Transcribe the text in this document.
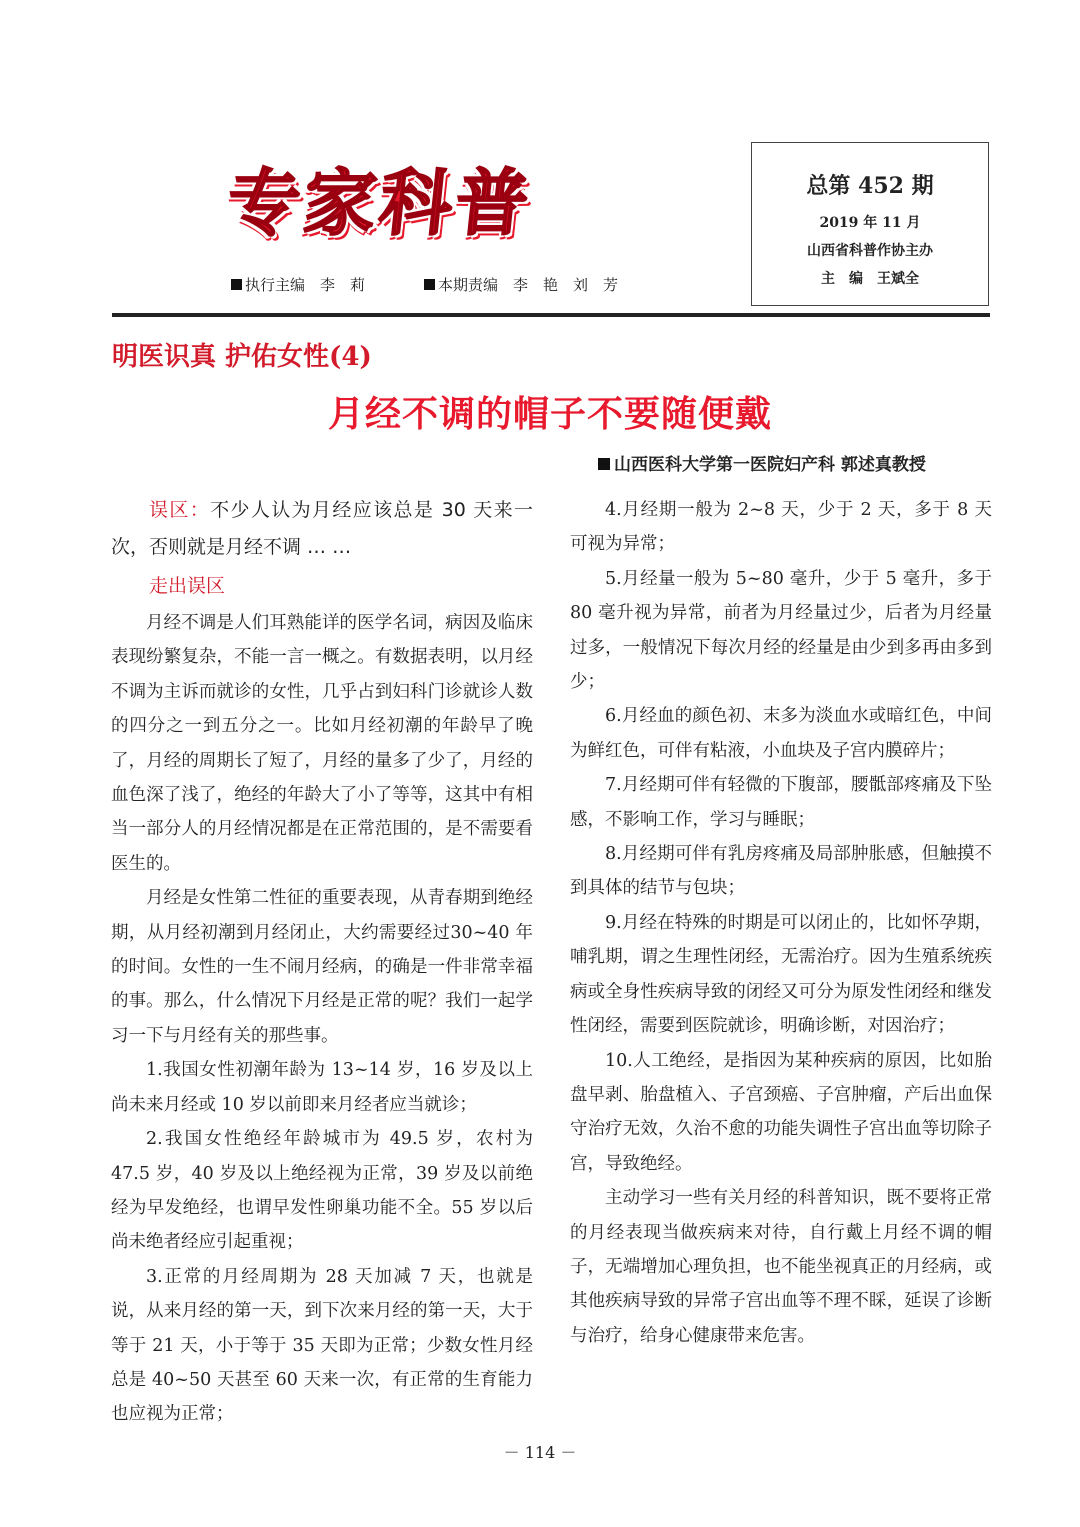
专家科普
执行主编　李　莉	本期责编　李　艳　刘　芳
总第 452 期
2019 年 11 月
山西省科普作协主办
主　编　王斌全
明医识真 护佑女性(4)
月经不调的帽子不要随便戴
山西医科大学第一医院妇产科 郭述真教授

误区：不少人认为月经应该总是 30 天来一次，否则就是月经不调 … …

走出误区

月经不调是人们耳熟能详的医学名词，病因及临床表现纷繁复杂，不能一言一概之。有数据表明，以月经不调为主诉而就诊的女性，几乎占到妇科门诊就诊人数的四分之一到五分之一。比如月经初潮的年龄早了晚了，月经的周期长了短了，月经的量多了少了，月经的血色深了浅了，绝经的年龄大了小了等等，这其中有相当一部分人的月经情况都是在正常范围的，是不需要看医生的。

月经是女性第二性征的重要表现，从青春期到绝经期，从月经初潮到月经闭止，大约需要经过30~40 年的时间。女性的一生不闹月经病，的确是一件非常幸福的事。那么，什么情况下月经是正常的呢？我们一起学习一下与月经有关的那些事。

1.我国女性初潮年龄为 13~14 岁，16 岁及以上尚未来月经或 10 岁以前即来月经者应当就诊；

2.我国女性绝经年龄城市为 49.5 岁，农村为 47.5 岁，40 岁及以上绝经视为正常，39 岁及以前绝经为早发绝经，也谓早发性卵巢功能不全。55 岁以后尚未绝者经应引起重视；

3.正常的月经周期为 28 天加减 7 天，也就是说，从来月经的第一天，到下次来月经的第一天，大于等于 21 天，小于等于 35 天即为正常；少数女性月经总是 40~50 天甚至 60 天来一次，有正常的生育能力也应视为正常；

4.月经期一般为 2~8 天，少于 2 天，多于 8 天可视为异常；

5.月经量一般为 5~80 毫升，少于 5 毫升，多于80 毫升视为异常，前者为月经量过少，后者为月经量过多，一般情况下每次月经的经量是由少到多再由多到少；

6.月经血的颜色初、末多为淡血水或暗红色，中间为鲜红色，可伴有粘液，小血块及子宫内膜碎片；

7.月经期可伴有轻微的下腹部，腰骶部疼痛及下坠感，不影响工作，学习与睡眠；

8.月经期可伴有乳房疼痛及局部肿胀感，但触摸不到具体的结节与包块；

9.月经在特殊的时期是可以闭止的，比如怀孕期，哺乳期，谓之生理性闭经，无需治疗。因为生殖系统疾病或全身性疾病导致的闭经又可分为原发性闭经和继发性闭经，需要到医院就诊，明确诊断，对因治疗；

10.人工绝经，是指因为某种疾病的原因，比如胎盘早剥、胎盘植入、子宫颈癌、子宫肿瘤，产后出血保守治疗无效，久治不愈的功能失调性子宫出血等切除子宫，导致绝经。

主动学习一些有关月经的科普知识，既不要将正常的月经表现当做疾病来对待，自行戴上月经不调的帽子，无端增加心理负担，也不能坐视真正的月经病，或其他疾病导致的异常子宫出血等不理不睬，延误了诊断与治疗，给身心健康带来危害。

－ 114 －
